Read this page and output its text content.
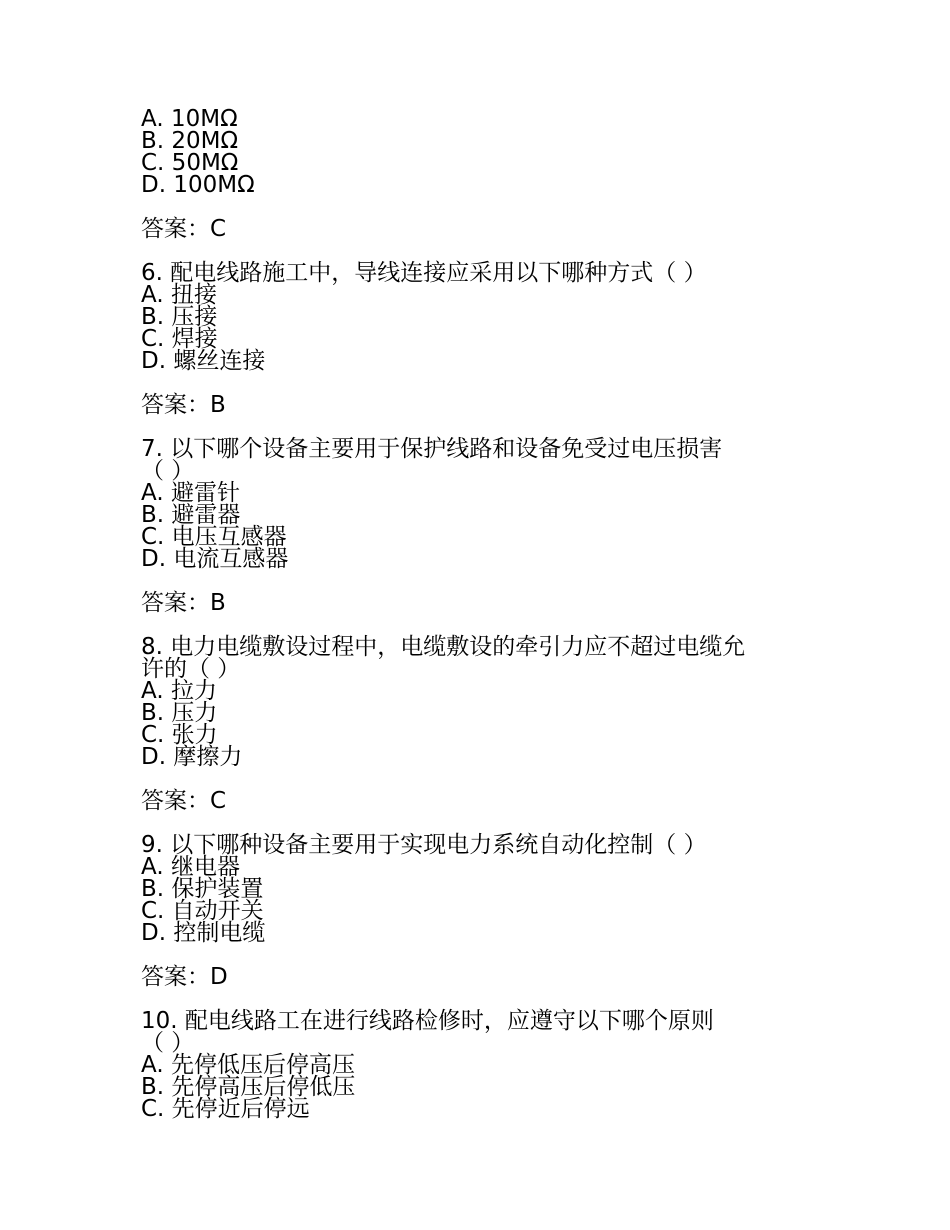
A. 10MΩ
B. 20MΩ
C. 50MΩ
D. 100MΩ
答案：C
6. 配电线路施工中，导线连接应采用以下哪种方式（ ）
A. 扭接
B. 压接
C. 焊接
D. 螺丝连接
答案：B
7. 以下哪个设备主要用于保护线路和设备免受过电压损害
（ ）
A. 避雷针
B. 避雷器
C. 电压互感器
D. 电流互感器
答案：B
8. 电力电缆敷设过程中，电缆敷设的牵引力应不超过电缆允
许的（ ）
A. 拉力
B. 压力
C. 张力
D. 摩擦力
答案：C
9. 以下哪种设备主要用于实现电力系统自动化控制（ ）
A. 继电器
B. 保护装置
C. 自动开关
D. 控制电缆
答案：D
10. 配电线路工在进行线路检修时，应遵守以下哪个原则
（ ）
A. 先停低压后停高压
B. 先停高压后停低压
C. 先停近后停远
